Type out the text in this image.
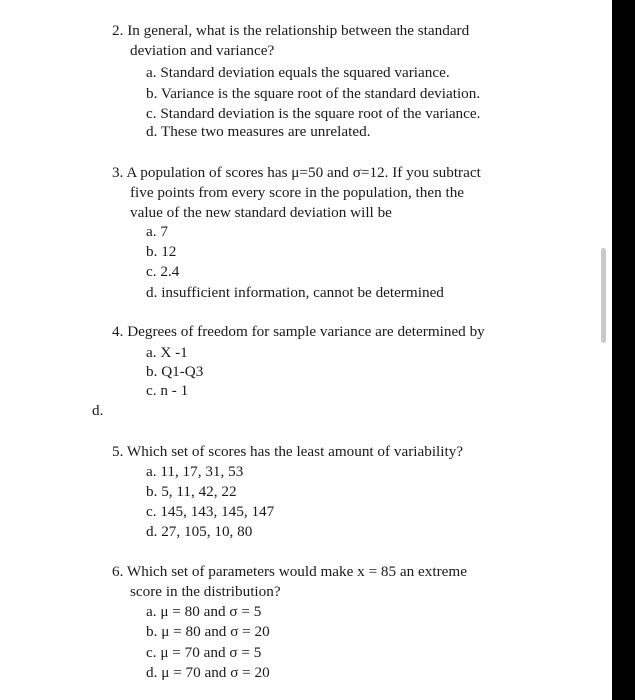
2. In general, what is the relationship between the standard
deviation and variance?
a. Standard deviation equals the squared variance.
b. Variance is the square root of the standard deviation.
c. Standard deviation is the square root of the variance.
d. These two measures are unrelated.
3. A population of scores has μ=50 and σ=12. If you subtract
five points from every score in the population, then the
value of the new standard deviation will be
a. 7
b. 12
c. 2.4
d. insufficient information, cannot be determined
4. Degrees of freedom for sample variance are determined by
a. X -1
b. Q1-Q3
c. n - 1
d.
5. Which set of scores has the least amount of variability?
a. 11, 17, 31, 53
b. 5, 11, 42, 22
c. 145, 143, 145, 147
d. 27, 105, 10, 80
6. Which set of parameters would make x = 85 an extreme
score in the distribution?
a. μ = 80 and σ = 5
b. μ = 80 and σ = 20
c. μ = 70 and σ = 5
d. μ = 70 and σ = 20
